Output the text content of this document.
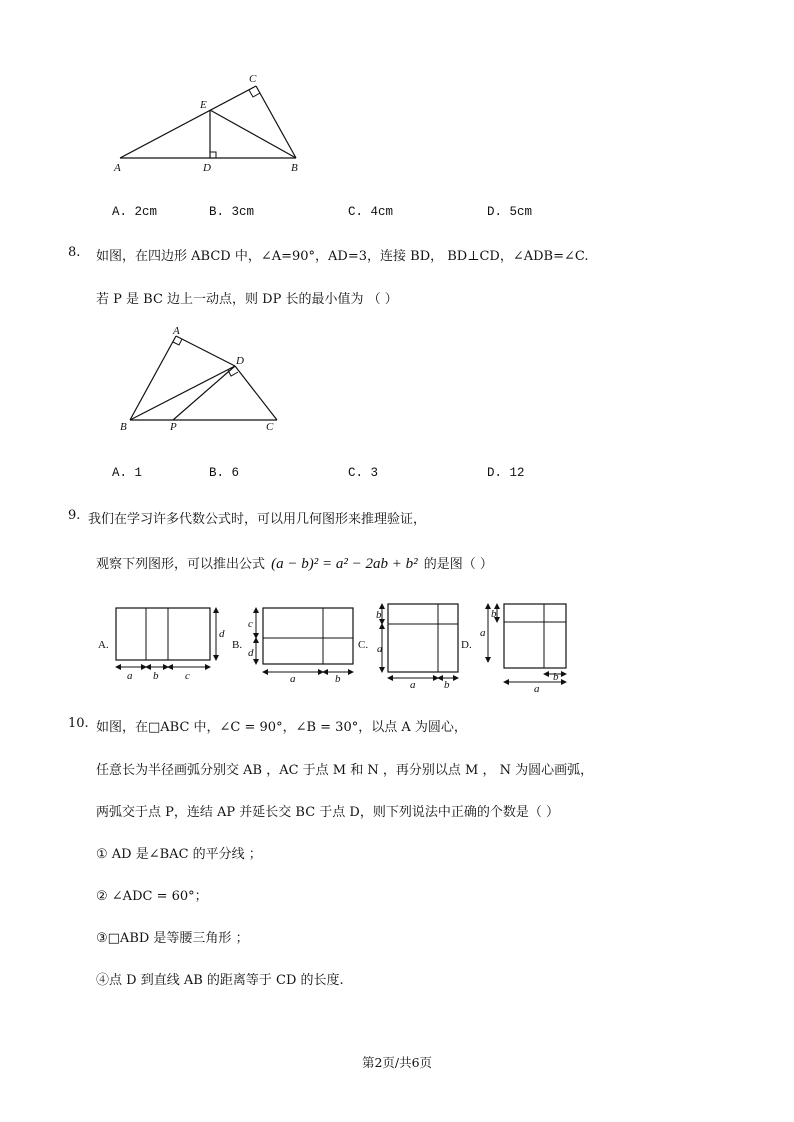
A	D	B
E
C
A. 2cm	B. 3cm	C. 4cm	D. 5cm
8. 如图，在四边形 ABCD 中，∠A=90°，AD=3，连接 BD， BD⊥CD，∠ADB=∠C.
若 P 是 BC 边上一动点，则 DP 长的最小值为 （ ）
A
D
B	P	C
A. 1	B. 6	C. 3	D. 12
9. 我们在学习许多代数公式时，可以用几何图形来推理验证，
观察下列图形，可以推出公式 (a − b)² = a² − 2ab + b² 的是图（ ）
A.
a b c
d
B.
c
d
a	b
C.
b
a
a	b
D.
a
b
a
b
10. 如图，在□ABC 中，∠C = 90°，∠B = 30°，以点 A 为圆心，
任意长为半径画弧分别交 AB ，AC 于点 M 和 N ，再分别以点 M ， N 为圆心画弧，
两弧交于点 P，连结 AP 并延长交 BC 于点 D，则下列说法中正确的个数是（ ）
① AD 是∠BAC 的平分线 ；
② ∠ADC = 60°；
③□ABD 是等腰三角形 ；
④点 D 到直线 AB 的距离等于 CD 的长度.
第2页/共6页
